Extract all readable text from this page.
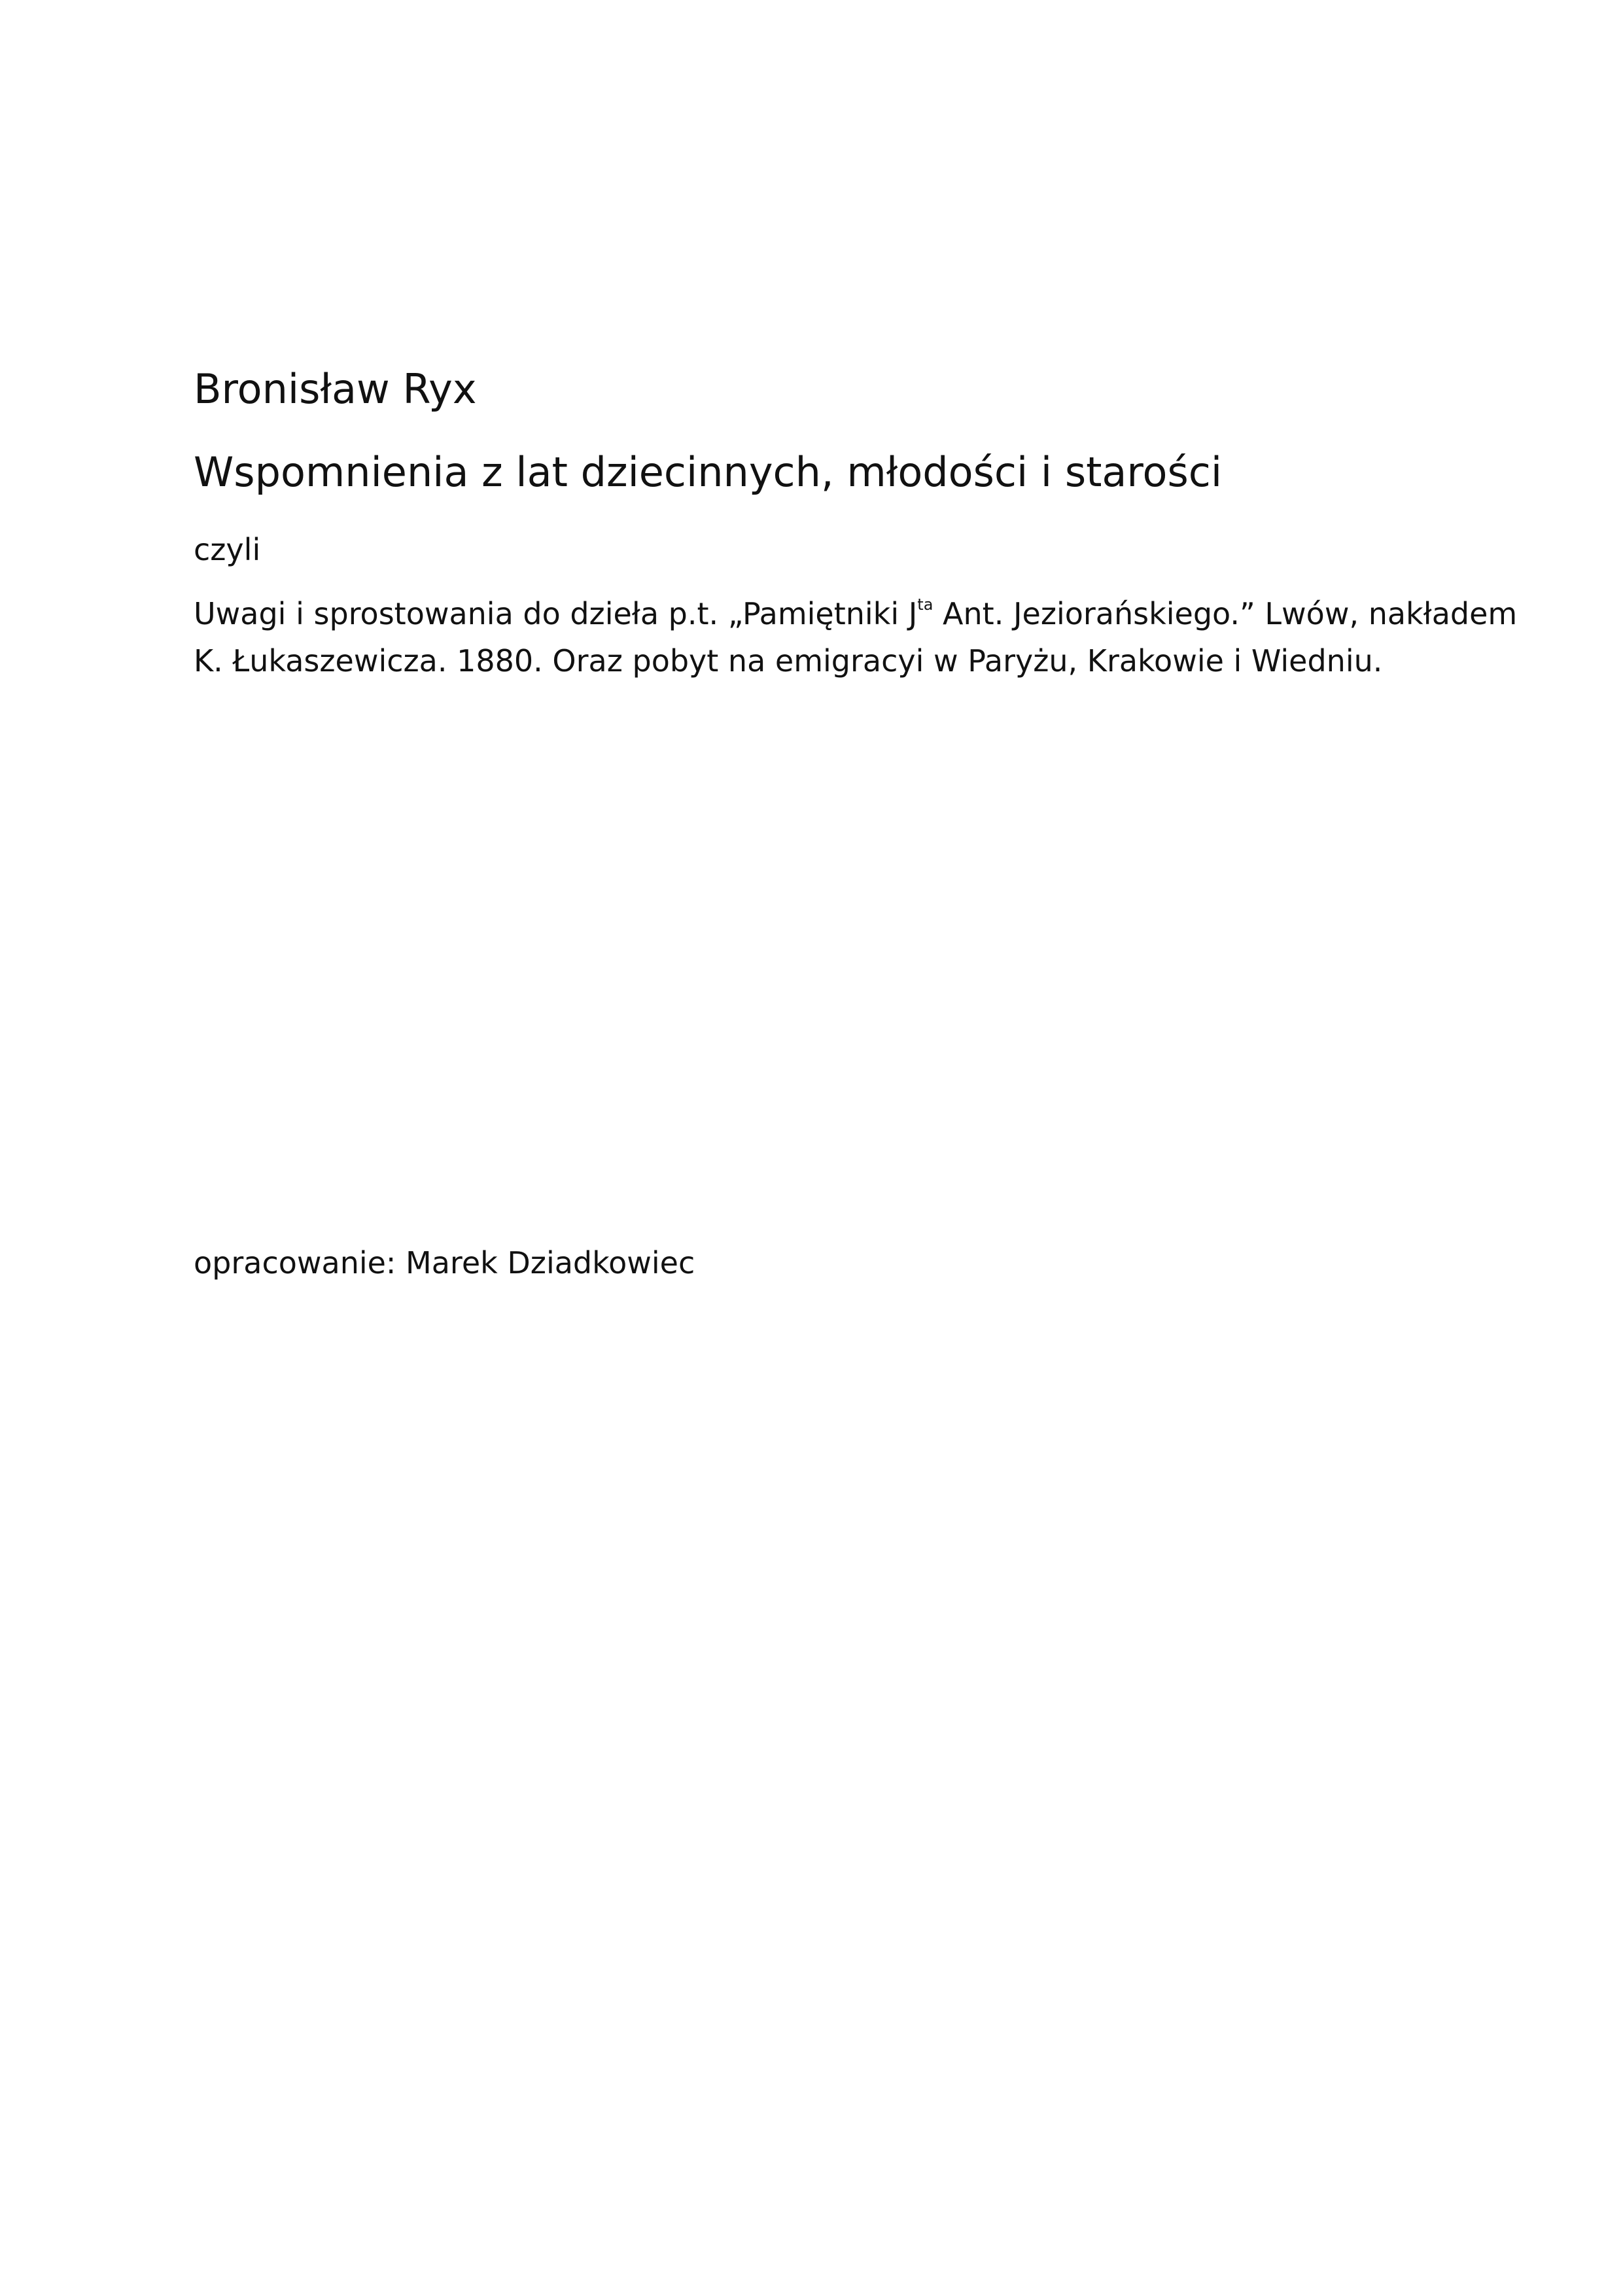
Bronisław Ryx
Wspomnienia z lat dziecinnych, młodości i starości

czyli

Uwagi i sprostowania do dzieła p.t. „Pamiętniki $J^{ta}$ Ant. Jeziorańskiego.” Lwów, nakładem
K. Łukaszewicza. 1880. Oraz pobyt na emigracyi w Paryżu, Krakowie i Wiedniu.

opracowanie: Marek Dziadkowiec
